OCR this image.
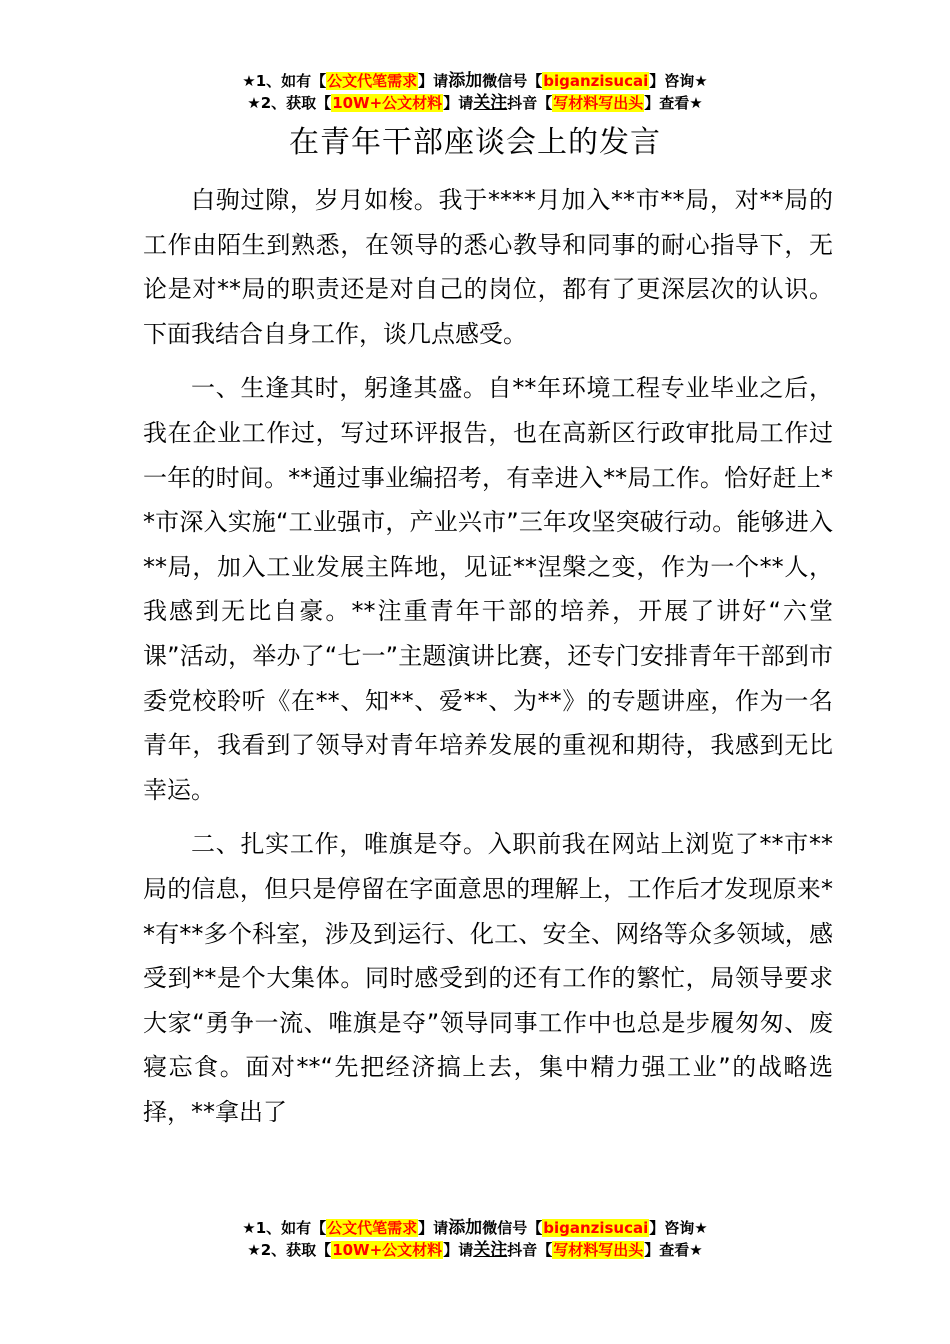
★1、如有【公文代笔需求】请添加微信号【biganzisucai】咨询★
★2、获取【10W+公文材料】请关注抖音【写材料写出头】查看★
在青年干部座谈会上的发言

白驹过隙，岁月如梭。我于****月加入**市**局，对**局的工作由陌生到熟悉，在领导的悉心教导和同事的耐心指导下，无论是对**局的职责还是对自己的岗位，都有了更深层次的认识。下面我结合自身工作，谈几点感受。

一、生逢其时，躬逢其盛。自**年环境工程专业毕业之后，我在企业工作过，写过环评报告，也在高新区行政审批局工作过一年的时间。**通过事业编招考，有幸进入**局工作。恰好赶上**市深入实施“工业强市，产业兴市”三年攻坚突破行动。能够进入**局，加入工业发展主阵地，见证**涅槃之变，作为一个**人，我感到无比自豪。**注重青年干部的培养，开展了讲好“六堂课”活动，举办了“七一”主题演讲比赛，还专门安排青年干部到市委党校聆听《在**、知**、爱**、为**》的专题讲座，作为一名青年，我看到了领导对青年培养发展的重视和期待，我感到无比幸运。

二、扎实工作，唯旗是夺。入职前我在网站上浏览了**市**局的信息，但只是停留在字面意思的理解上，工作后才发现原来**有**多个科室，涉及到运行、化工、安全、网络等众多领域，感受到**是个大集体。同时感受到的还有工作的繁忙，局领导要求大家“勇争一流、唯旗是夺”领导同事工作中也总是步履匆匆、废寝忘食。面对**“先把经济搞上去，集中精力强工业”的战略选择，**拿出了

★1、如有【公文代笔需求】请添加微信号【biganzisucai】咨询★
★2、获取【10W+公文材料】请关注抖音【写材料写出头】查看★
